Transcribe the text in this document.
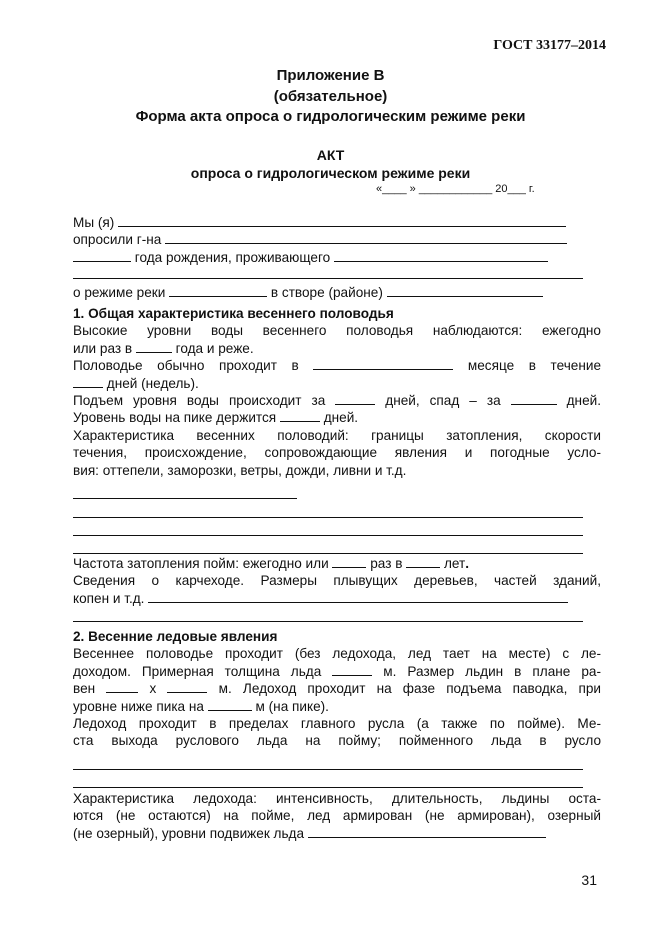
ГОСТ 33177–2014
Приложение В
(обязательное)
Форма акта опроса о гидрологическим режиме реки
АКТ
опроса о гидрологическом режиме реки
«____ » ____________ 20___ г.
Мы (я)
опросили г-на
года рождения, проживающего
о режиме реки	в створе (районе)
1. Общая характеристика весеннего половодья
Высокие уровни воды весеннего половодья наблюдаются: ежегодно
или раз в	года и реже.
Половодье обычно проходит в	месяце в течение
дней (недель).
Подъем уровня воды происходит за	дней, спад – за	дней.
Уровень воды на пике держится	дней.
Характеристика весенних половодий: границы затопления, скорости
течения, происхождение, сопровождающие явления и погодные усло-
вия: оттепели, заморозки, ветры, дожди, ливни и т.д.
Частота затопления пойм: ежегодно или	раз в	лет.
Сведения о карчеходе. Размеры плывущих деревьев, частей зданий,
копен и т.д.
2. Весенние ледовые явления
Весеннее половодье проходит (без ледохода, лед тает на месте) с ле-
доходом. Примерная толщина льда	м. Размер льдин в плане ра-
вен	х	м. Ледоход проходит на фазе подъема паводка, при
уровне ниже пика на	м (на пике).
Ледоход проходит в пределах главного русла (а также по пойме). Ме-
ста выхода руслового льда на пойму; пойменного льда в русло
Характеристика ледохода: интенсивность, длительность, льдины оста-
ются (не остаются) на пойме, лед армирован (не армирован), озерный
(не озерный), уровни подвижек льда
31
